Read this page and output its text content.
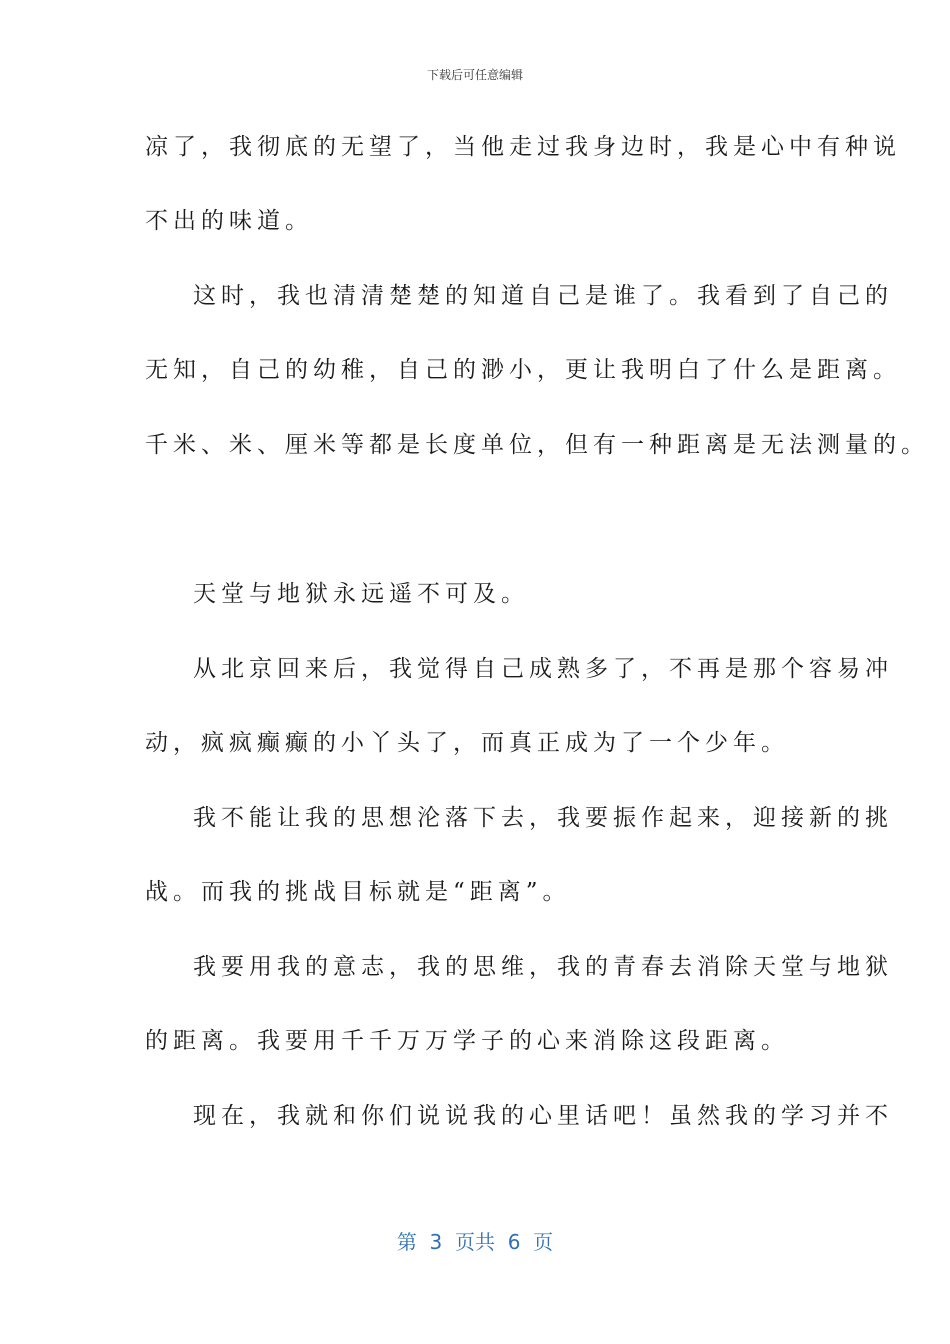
下载后可任意编辑
凉了，我彻底的无望了，当他走过我身边时，我是心中有种说
不出的味道。
这时，我也清清楚楚的知道自己是谁了。我看到了自己的
无知，自己的幼稚，自己的渺小，更让我明白了什么是距离。
千米、米、厘米等都是长度单位，但有一种距离是无法测量的。
天堂与地狱永远遥不可及。
从北京回来后，我觉得自己成熟多了，不再是那个容易冲
动，疯疯癫癫的小丫头了，而真正成为了一个少年。
我不能让我的思想沦落下去，我要振作起来，迎接新的挑
战。而我的挑战目标就是“距离”。
我要用我的意志，我的思维，我的青春去消除天堂与地狱
的距离。我要用千千万万学子的心来消除这段距离。
现在，我就和你们说说我的心里话吧！虽然我的学习并不
第  3  页共  6  页
